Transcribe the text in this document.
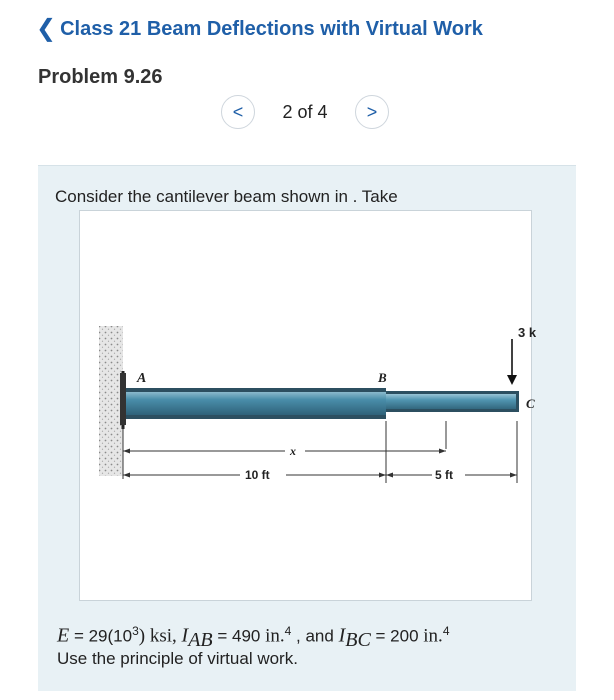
❮ Class 21 Beam Deflections with Virtual Work
Problem 9.26
<	2 of 4	>
Consider the cantilever beam shown in . Take
3 k
A	B
C
x
10 ft	5 ft
$E = 29(10^3)$ ksi, $I_{AB} = 490$ in.$^4$ , and $I_{BC} = 200$ in.$^4$
Use the principle of virtual work.
